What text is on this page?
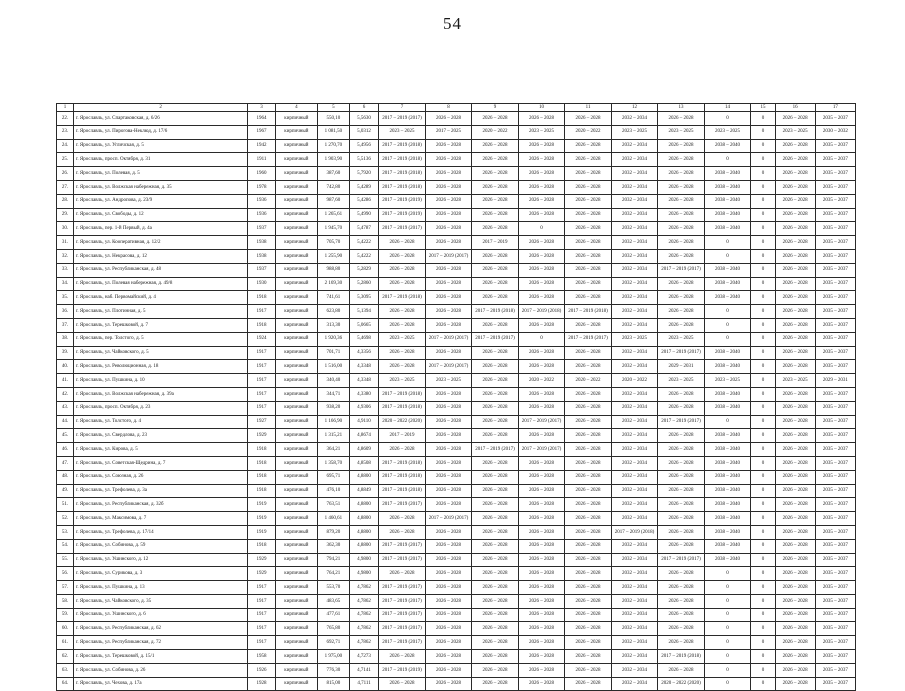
54
1	2	3	4	5	6	7	8	9	10	11	12	13	14	15	16	17
22.	г. Ярославль, ул. Спартаковская, д. 6/26	1964	кирпичный	550,10	5,5630	2017 – 2019 (2017)	2026 – 2028	2026 – 2028	2026 – 2028	2026 – 2028	2032 – 2034	2026 – 2028	0	0	2026 – 2028	2035 – 2037
23.	г. Ярославль, ул. Пирогова-Неклюд, д. 17/6	1967	кирпичный	1 081,50	5,0312	2023 – 2025	2017 – 2025	2020 – 2022	2023 – 2025	2020 – 2022	2023 – 2025	2023 – 2025	2023 – 2025	0	2023 – 2025	2030 – 2032
24.	г. Ярославль, ул. Угличская, д. 5	1942	кирпичный	1 270,70	5,4956	2017 – 2019 (2018)	2026 – 2028	2026 – 2028	2026 – 2028	2026 – 2028	2032 – 2034	2026 – 2028	2038 – 2040	0	2026 – 2028	2035 – 2037
25.	г. Ярославль, просп. Октября, д. 31	1911	кирпичный	1 903,90	5,5136	2017 – 2019 (2018)	2026 – 2028	2026 – 2028	2026 – 2028	2026 – 2028	2032 – 2034	2026 – 2028	0	0	2026 – 2028	2035 – 2037
26.	г. Ярославль, ул. Полевая, д. 5	1960	кирпичный	387,60	5,7920	2017 – 2019 (2018)	2026 – 2028	2026 – 2028	2026 – 2028	2026 – 2028	2032 – 2034	2026 – 2028	2038 – 2040	0	2026 – 2028	2035 – 2037
27.	г. Ярославль, ул. Волжская набережная, д. 35	1978	кирпичный	742,80	5,4289	2017 – 2019 (2018)	2026 – 2028	2026 – 2028	2026 – 2028	2026 – 2028	2032 – 2034	2026 – 2028	2038 – 2040	0	2026 – 2028	2035 – 2037
28.	г. Ярославль, ул. Андропова, д. 23/9	1936	кирпичный	987,60	5,4286	2017 – 2019 (2019)	2026 – 2028	2026 – 2028	2026 – 2028	2026 – 2028	2032 – 2034	2026 – 2028	2038 – 2040	0	2026 – 2028	2035 – 2037
29.	г. Ярославль, ул. Свободы, д. 12	1936	кирпичный	1 265,61	5,4990	2017 – 2019 (2019)	2026 – 2028	2026 – 2028	2026 – 2028	2026 – 2028	2032 – 2034	2026 – 2028	2038 – 2040	0	2026 – 2028	2035 – 2037
30.	г. Ярославль, пер. 1-й Первый, д. 4а	1937	кирпичный	1 945,70	5,4787	2017 – 2019 (2017)	2026 – 2028	2026 – 2028	0	2026 – 2028	2032 – 2034	2026 – 2028	2038 – 2040	0	2026 – 2028	2035 – 2037
31.	г. Ярославль, ул. Кооперативная, д. 12/2	1938	кирпичный	705,70	5,4222	2026 – 2028	2026 – 2028	2017 – 2019	2026 – 2028	2026 – 2028	2032 – 2034	2026 – 2028	0	0	2026 – 2028	2035 – 2037
32.	г. Ярославль, ул. Некрасова, д. 12	1938	кирпичный	1 255,90	5,4222	2026 – 2028	2017 – 2019 (2017)	2026 – 2028	2026 – 2028	2026 – 2028	2032 – 2034	2026 – 2028	0	0	2026 – 2028	2035 – 2037
33.	г. Ярославль, ул. Республиканская, д. 48	1937	кирпичный	988,80	5,2829	2026 – 2028	2026 – 2028	2026 – 2028	2026 – 2028	2026 – 2028	2032 – 2034	2017 – 2019 (2017)	2038 – 2040	0	2026 – 2028	2035 – 2037
34.	г. Ярославль, ул. Полевая набережная, д. 49/8	1930	кирпичный	2 169,30	5,2860	2026 – 2028	2026 – 2028	2026 – 2028	2026 – 2028	2026 – 2028	2032 – 2034	2026 – 2028	2038 – 2040	0	2026 – 2028	2035 – 2037
35.	г. Ярославль, наб. Первомайский, д. 4	1918	кирпичный	741,61	5,3095	2017 – 2019 (2018)	2026 – 2028	2026 – 2028	2026 – 2028	2026 – 2028	2032 – 2034	2026 – 2028	2038 – 2040	0	2026 – 2028	2035 – 2037
36.	г. Ярославль, ул. Плотинная, д. 5	1917	кирпичный	623,80	5,1394	2026 – 2028	2026 – 2028	2017 – 2019 (2018)	2017 – 2019 (2018)	2017 – 2019 (2018)	2032 – 2034	2026 – 2028	0	0	2026 – 2028	2035 – 2037
37.	г. Ярославль, ул. Терешковой, д. 7	1918	кирпичный	313,30	5,0665	2026 – 2028	2026 – 2028	2026 – 2028	2026 – 2028	2026 – 2028	2032 – 2034	2026 – 2028	0	0	2026 – 2028	2035 – 2037
38.	г. Ярославль, пер. Толстого, д. 5	1924	кирпичный	1 920,36	5,4698	2023 – 2025	2017 – 2019 (2017)	2017 – 2019 (2017)	0	2017 – 2019 (2017)	2023 – 2025	2023 – 2025	0	0	2026 – 2028	2035 – 2037
39.	г. Ярославль, ул. Чайковского, д. 5	1917	кирпичный	701,71	4,3356	2026 – 2028	2026 – 2028	2026 – 2028	2026 – 2028	2026 – 2028	2032 – 2034	2017 – 2019 (2017)	2038 – 2040	0	2026 – 2028	2035 – 2037
40.	г. Ярославль, ул. Революционная, д. 18	1917	кирпичный	1 516,00	4,3348	2026 – 2028	2017 – 2019 (2017)	2026 – 2028	2026 – 2028	2026 – 2028	2032 – 2034	2029 – 2031	2038 – 2040	0	2026 – 2028	2035 – 2037
41.	г. Ярославль, ул. Пушкина, д. 10	1917	кирпичный	340,40	4,3348	2023 – 2025	2023 – 2025	2026 – 2028	2020 – 2022	2020 – 2022	2020 – 2022	2023 – 2025	2023 – 2025	0	2023 – 2025	2029 – 2031
42.	г. Ярославль, ул. Волжская набережная, д. 39а	1917	кирпичный	344,71	4,3380	2017 – 2019 (2018)	2026 – 2028	2026 – 2028	2026 – 2028	2026 – 2028	2032 – 2034	2026 – 2028	2038 – 2040	0	2026 – 2028	2035 – 2037
43.	г. Ярославль, просп. Октября, д. 23	1917	кирпичный	938,20	4,9306	2017 – 2019 (2018)	2026 – 2028	2026 – 2028	2026 – 2028	2026 – 2028	2032 – 2034	2026 – 2028	2038 – 2040	0	2026 – 2028	2035 – 2037
44.	г. Ярославль, ул. Толстого, д. 4	1927	кирпичный	1 166,90	4,9110	2020 – 2022 (2020)	2026 – 2028	2026 – 2028	2017 – 2019 (2017)	2026 – 2028	2032 – 2034	2017 – 2019 (2017)	0	0	2026 – 2028	2035 – 2037
45.	г. Ярославль, ул. Свердлова, д. 23	1929	кирпичный	1 315,21	4,8674	2017 – 2019	2026 – 2028	2026 – 2028	2026 – 2028	2026 – 2028	2032 – 2034	2026 – 2028	2038 – 2040	0	2026 – 2028	2035 – 2037
46.	г. Ярославль, ул. Кирова, д. 5	1918	кирпичный	364,21	4,8609	2026 – 2028	2026 – 2028	2017 – 2019 (2017)	2017 – 2019 (2017)	2026 – 2028	2032 – 2034	2026 – 2028	2038 – 2040	0	2026 – 2028	2035 – 2037
47.	г. Ярославль, ул. Советская-Щедрина, д. 7	1918	кирпичный	1 358,70	4,8508	2017 – 2019 (2018)	2026 – 2028	2026 – 2028	2026 – 2028	2026 – 2028	2032 – 2034	2026 – 2028	2038 – 2040	0	2026 – 2028	2035 – 2037
48.	г. Ярославль, ул. Союзная, д. 26	1918	кирпичный	695,71	4,8800	2017 – 2019 (2018)	2026 – 2028	2026 – 2028	2026 – 2028	2026 – 2028	2032 – 2034	2026 – 2028	2038 – 2040	0	2026 – 2028	2035 – 2037
49.	г. Ярославль, ул. Трефолева, д. 3а	1918	кирпичный	476,10	4,8849	2017 – 2019 (2018)	2026 – 2028	2026 – 2028	2026 – 2028	2026 – 2028	2032 – 2034	2026 – 2028	2038 – 2040	0	2026 – 2028	2035 – 2037
51.	г. Ярославль, ул. Республиканская, д. 32б	1919	кирпичный	763,51	4,8800	2017 – 2019 (2017)	2026 – 2028	2026 – 2028	2026 – 2028	2026 – 2028	2032 – 2034	2026 – 2028	2038 – 2040	0	2026 – 2028	2035 – 2037
52.	г. Ярославль, ул. Максимова, д. 7	1919	кирпичный	1 460,61	4,8800	2026 – 2028	2017 – 2019 (2017)	2026 – 2028	2026 – 2028	2026 – 2028	2032 – 2034	2026 – 2028	2038 – 2040	0	2026 – 2028	2035 – 2037
53.	г. Ярославль, ул. Трефолева, д. 17/14	1919	кирпичный	879,20	4,8800	2026 – 2028	2026 – 2028	2026 – 2028	2026 – 2028	2026 – 2028	2017 – 2019 (2018)	2026 – 2028	2038 – 2040	0	2026 – 2028	2035 – 2037
54.	г. Ярославль, ул. Собинова, д. 59	1918	кирпичный	362,30	4,8800	2017 – 2019 (2017)	2026 – 2028	2026 – 2028	2026 – 2028	2026 – 2028	2032 – 2034	2026 – 2028	2038 – 2040	0	2026 – 2028	2035 – 2037
55.	г. Ярославль, ул. Ушинского, д. 12	1929	кирпичный	794,21	4,9800	2017 – 2019 (2017)	2026 – 2028	2026 – 2028	2026 – 2028	2026 – 2028	2032 – 2034	2017 – 2019 (2017)	2038 – 2040	0	2026 – 2028	2035 – 2037
56.	г. Ярославль, ул. Сурикова, д. 3	1929	кирпичный	764,21	4,9800	2026 – 2028	2026 – 2028	2026 – 2028	2026 – 2028	2026 – 2028	2032 – 2034	2026 – 2028	0	0	2026 – 2028	2035 – 2037
57.	г. Ярославль, ул. Пушкина, д. 13	1917	кирпичный	553,70	4,7862	2017 – 2019 (2017)	2026 – 2028	2026 – 2028	2026 – 2028	2026 – 2028	2032 – 2034	2026 – 2028	0	0	2026 – 2028	2035 – 2037
58.	г. Ярославль, ул. Чайковского, д. 35	1917	кирпичный	483,65	4,7862	2017 – 2019 (2017)	2026 – 2028	2026 – 2028	2026 – 2028	2026 – 2028	2032 – 2034	2026 – 2028	0	0	2026 – 2028	2035 – 2037
59.	г. Ярославль, ул. Ушинского, д. 6	1917	кирпичный	477,61	4,7862	2017 – 2019 (2017)	2026 – 2028	2026 – 2028	2026 – 2028	2026 – 2028	2032 – 2034	2026 – 2028	0	0	2026 – 2028	2035 – 2037
60.	г. Ярославль, ул. Республиканская, д. 62	1917	кирпичный	765,80	4,7862	2017 – 2019 (2017)	2026 – 2028	2026 – 2028	2026 – 2028	2026 – 2028	2032 – 2034	2026 – 2028	0	0	2026 – 2028	2035 – 2037
61.	г. Ярославль, ул. Республиканская, д. 72	1917	кирпичный	692,71	4,7862	2017 – 2019 (2017)	2026 – 2028	2026 – 2028	2026 – 2028	2026 – 2028	2032 – 2034	2026 – 2028	0	0	2026 – 2028	2035 – 2037
62.	г. Ярославль, ул. Терешковой, д. 15/1	1958	кирпичный	1 975,00	4,7273	2026 – 2028	2026 – 2028	2026 – 2028	2026 – 2028	2026 – 2028	2032 – 2034	2017 – 2019 (2018)	0	0	2026 – 2028	2035 – 2037
63.	г. Ярославль, ул. Собинова, д. 26	1926	кирпичный	776,30	4,7141	2017 – 2019 (2019)	2026 – 2028	2026 – 2028	2026 – 2028	2026 – 2028	2032 – 2034	2026 – 2028	0	0	2026 – 2028	2035 – 2037
64.	г. Ярославль, ул. Чехова, д. 17а	1928	кирпичный	815,00	4,7111	2026 – 2028	2026 – 2028	2026 – 2028	2026 – 2028	2026 – 2028	2032 – 2034	2020 – 2022 (2020)	0	0	2026 – 2028	2035 – 2037
